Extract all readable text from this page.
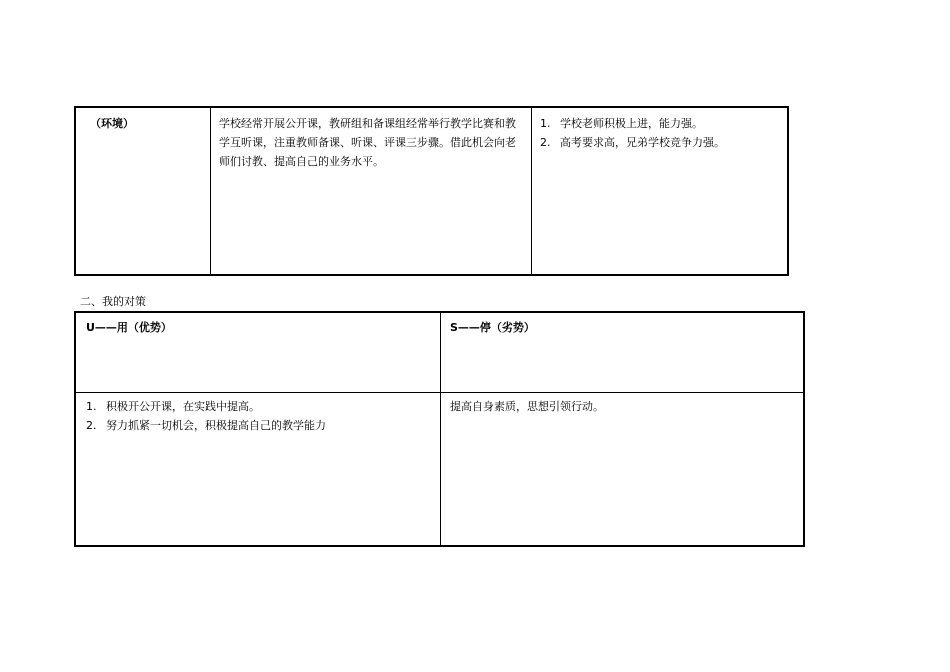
（环境）	学校经常开展公开课，教研组和备课组经常举行教学比赛和教学互听课，注重教师备课、听课、评课三步骤。借此机会向老师们讨教、提高自己的业务水平。
1. 学校老师积极上进，能力强。
2. 高考要求高，兄弟学校竞争力强。
二、我的对策
U——用（优势）	S——停（劣势）
1. 积极开公开课，在实践中提高。
2. 努力抓紧一切机会，积极提高自己的教学能力
提高自身素质，思想引领行动。
